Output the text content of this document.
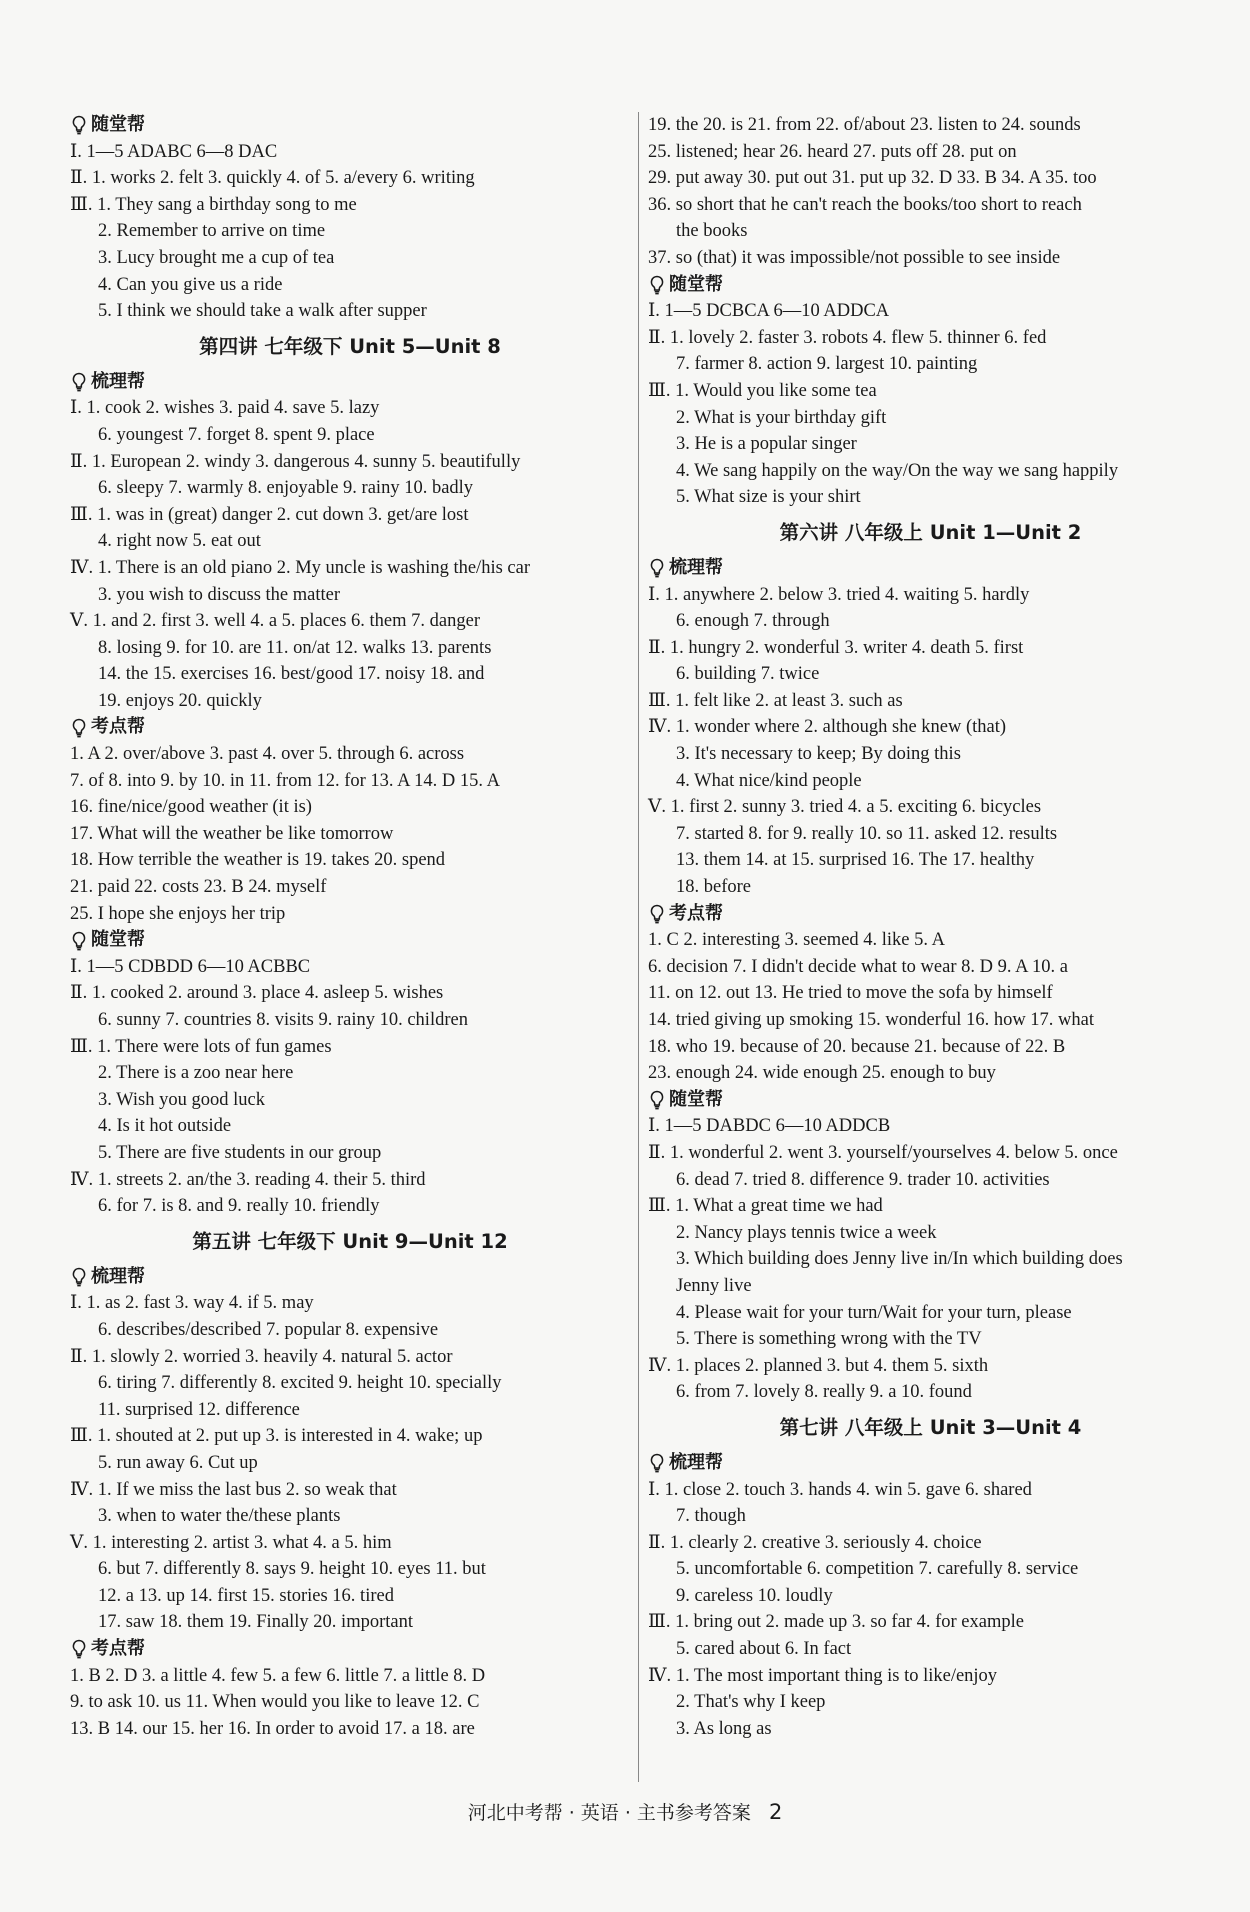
随堂帮
Ⅰ. 1—5 ADABC 6—8 DAC
Ⅱ. 1. works 2. felt 3. quickly 4. of 5. a/every 6. writing
Ⅲ. 1. They sang a birthday song to me
2. Remember to arrive on time
3. Lucy brought me a cup of tea
4. Can you give us a ride
5. I think we should take a walk after supper
第四讲 七年级下 Unit 5—Unit 8
梳理帮
Ⅰ. 1. cook 2. wishes 3. paid 4. save 5. lazy
6. youngest 7. forget 8. spent 9. place
Ⅱ. 1. European 2. windy 3. dangerous 4. sunny 5. beautifully
6. sleepy 7. warmly 8. enjoyable 9. rainy 10. badly
Ⅲ. 1. was in (great) danger 2. cut down 3. get/are lost
4. right now 5. eat out
Ⅳ. 1. There is an old piano 2. My uncle is washing the/his car
3. you wish to discuss the matter
Ⅴ. 1. and 2. first 3. well 4. a 5. places 6. them 7. danger
8. losing 9. for 10. are 11. on/at 12. walks 13. parents
14. the 15. exercises 16. best/good 17. noisy 18. and
19. enjoys 20. quickly
考点帮
1. A 2. over/above 3. past 4. over 5. through 6. across
7. of 8. into 9. by 10. in 11. from 12. for 13. A 14. D 15. A
16. fine/nice/good weather (it is)
17. What will the weather be like tomorrow
18. How terrible the weather is 19. takes 20. spend
21. paid 22. costs 23. B 24. myself
25. I hope she enjoys her trip
随堂帮
Ⅰ. 1—5 CDBDD 6—10 ACBBC
Ⅱ. 1. cooked 2. around 3. place 4. asleep 5. wishes
6. sunny 7. countries 8. visits 9. rainy 10. children
Ⅲ. 1. There were lots of fun games
2. There is a zoo near here
3. Wish you good luck
4. Is it hot outside
5. There are five students in our group
Ⅳ. 1. streets 2. an/the 3. reading 4. their 5. third
6. for 7. is 8. and 9. really 10. friendly
第五讲 七年级下 Unit 9—Unit 12
梳理帮
Ⅰ. 1. as 2. fast 3. way 4. if 5. may
6. describes/described 7. popular 8. expensive
Ⅱ. 1. slowly 2. worried 3. heavily 4. natural 5. actor
6. tiring 7. differently 8. excited 9. height 10. specially
11. surprised 12. difference
Ⅲ. 1. shouted at 2. put up 3. is interested in 4. wake; up
5. run away 6. Cut up
Ⅳ. 1. If we miss the last bus 2. so weak that
3. when to water the/these plants
Ⅴ. 1. interesting 2. artist 3. what 4. a 5. him
6. but 7. differently 8. says 9. height 10. eyes 11. but
12. a 13. up 14. first 15. stories 16. tired
17. saw 18. them 19. Finally 20. important
考点帮
1. B 2. D 3. a little 4. few 5. a few 6. little 7. a little 8. D
9. to ask 10. us 11. When would you like to leave 12. C
13. B 14. our 15. her 16. In order to avoid 17. a 18. are
19. the 20. is 21. from 22. of/about 23. listen to 24. sounds
25. listened; hear 26. heard 27. puts off 28. put on
29. put away 30. put out 31. put up 32. D 33. B 34. A 35. too
36. so short that he can't reach the books/too short to reach
the books
37. so (that) it was impossible/not possible to see inside
随堂帮
Ⅰ. 1—5 DCBCA 6—10 ADDCA
Ⅱ. 1. lovely 2. faster 3. robots 4. flew 5. thinner 6. fed
7. farmer 8. action 9. largest 10. painting
Ⅲ. 1. Would you like some tea
2. What is your birthday gift
3. He is a popular singer
4. We sang happily on the way/On the way we sang happily
5. What size is your shirt
第六讲 八年级上 Unit 1—Unit 2
梳理帮
Ⅰ. 1. anywhere 2. below 3. tried 4. waiting 5. hardly
6. enough 7. through
Ⅱ. 1. hungry 2. wonderful 3. writer 4. death 5. first
6. building 7. twice
Ⅲ. 1. felt like 2. at least 3. such as
Ⅳ. 1. wonder where 2. although she knew (that)
3. It's necessary to keep; By doing this
4. What nice/kind people
Ⅴ. 1. first 2. sunny 3. tried 4. a 5. exciting 6. bicycles
7. started 8. for 9. really 10. so 11. asked 12. results
13. them 14. at 15. surprised 16. The 17. healthy
18. before
考点帮
1. C 2. interesting 3. seemed 4. like 5. A
6. decision 7. I didn't decide what to wear 8. D 9. A 10. a
11. on 12. out 13. He tried to move the sofa by himself
14. tried giving up smoking 15. wonderful 16. how 17. what
18. who 19. because of 20. because 21. because of 22. B
23. enough 24. wide enough 25. enough to buy
随堂帮
Ⅰ. 1—5 DABDC 6—10 ADDCB
Ⅱ. 1. wonderful 2. went 3. yourself/yourselves 4. below 5. once
6. dead 7. tried 8. difference 9. trader 10. activities
Ⅲ. 1. What a great time we had
2. Nancy plays tennis twice a week
3. Which building does Jenny live in/In which building does
Jenny live
4. Please wait for your turn/Wait for your turn, please
5. There is something wrong with the TV
Ⅳ. 1. places 2. planned 3. but 4. them 5. sixth
6. from 7. lovely 8. really 9. a 10. found
第七讲 八年级上 Unit 3—Unit 4
梳理帮
Ⅰ. 1. close 2. touch 3. hands 4. win 5. gave 6. shared
7. though
Ⅱ. 1. clearly 2. creative 3. seriously 4. choice
5. uncomfortable 6. competition 7. carefully 8. service
9. careless 10. loudly
Ⅲ. 1. bring out 2. made up 3. so far 4. for example
5. cared about 6. In fact
Ⅳ. 1. The most important thing is to like/enjoy
2. That's why I keep
3. As long as
河北中考帮 · 英语 · 主书参考答案 2
